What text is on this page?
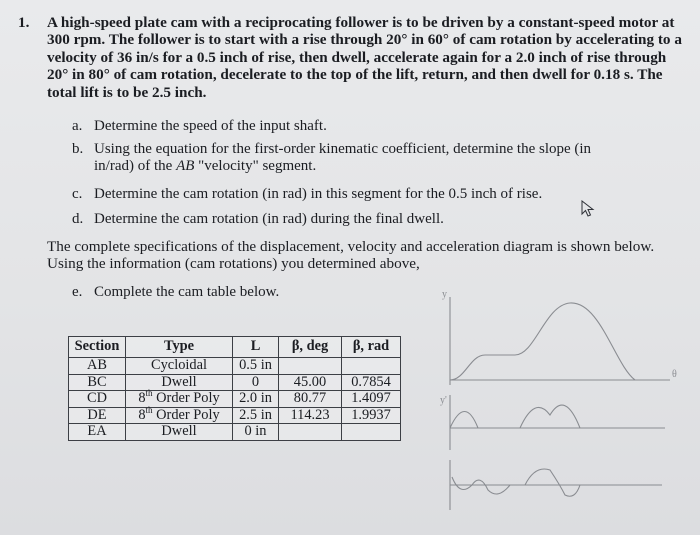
1. A high-speed plate cam with a reciprocating follower is to be driven by a constant-speed motor at 300 rpm. The follower is to start with a rise through 20° in 60° of cam rotation by accelerating to a velocity of 36 in/s for a 0.5 inch of rise, then dwell, accelerate again for a 2.0 inch of rise through 20° in 80° of cam rotation, decelerate to the top of the lift, return, and then dwell for 0.18 s. The total lift is to be 2.5 inch.
a. Determine the speed of the input shaft.
b. Using the equation for the first-order kinematic coefficient, determine the slope (in
in/rad) of the AB "velocity" segment.
c. Determine the cam rotation (in rad) in this segment for the 0.5 inch of rise.
d. Determine the cam rotation (in rad) during the final dwell.
The complete specifications of the displacement, velocity and acceleration diagram is shown below. Using the information (cam rotations) you determined above,
e. Complete the cam table below.
Section	Type	L	β, deg	β, rad
AB	Cycloidal	0.5 in		
BC	Dwell	0	45.00	0.7854
CD	8th Order Poly	2.0 in	80.77	1.4097
DE	8th Order Poly	2.5 in	114.23	1.9937
EA	Dwell	0 in		
y
y'
θ
